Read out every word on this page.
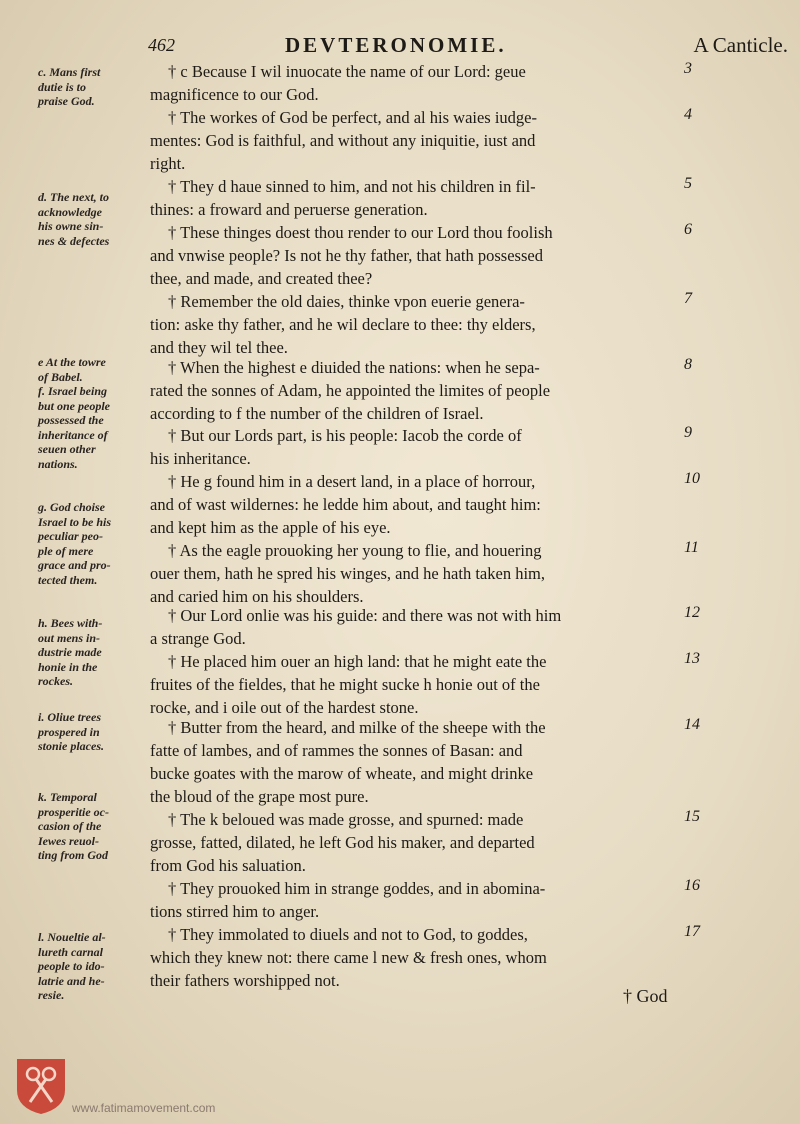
462	DEVTERONOMIE.	A Canticle.
c. Mans first
dutie is to
praise God.
d. The next, to
acknowledge
his owne sin-
nes & defectes
e At the towre
of Babel.
f. Israel being
but one people
possessed the
inheritance of
seuen other
nations.
g. God choise
Israel to be his
peculiar peo-
ple of mere
grace and pro-
tected them.
h. Bees with-
out mens in-
dustrie made
honie in the
rockes.
i. Oliue trees
prospered in
stonie places.
k. Temporal
prosperitie oc-
casion of the
Iewes reuol-
ting from God
l. Noueltie al-
lureth carnal
people to ido-
latrie and he-
resie.
† c Because I wil inuocate the name of our Lord: geue
magnificence to our God.
† The workes of God be perfect, and al his waies iudge-
mentes: God is faithful, and without any iniquitie, iust and
right.
† They d haue sinned to him, and not his children in fil-
thines: a froward and peruerse generation.
† These thinges doest thou render to our Lord thou foolish
and vnwise people? Is not he thy father, that hath possessed
thee, and made, and created thee?
† Remember the old daies, thinke vpon euerie genera-
tion: aske thy father, and he wil declare to thee: thy elders,
and they wil tel thee.
† When the highest e diuided the nations: when he sepa-
rated the sonnes of Adam, he appointed the limites of people
according to f the number of the children of Israel.
† But our Lords part, is his people: Iacob the corde of
his inheritance.
† He g found him in a desert land, in a place of horrour,
and of wast wildernes: he ledde him about, and taught him:
and kept him as the apple of his eye.
† As the eagle prouoking her young to flie, and houering
ouer them, hath he spred his winges, and he hath taken him,
and caried him on his shoulders.
† Our Lord onlie was his guide: and there was not with him
a strange God.
† He placed him ouer an high land: that he might eate the
fruites of the fieldes, that he might sucke h honie out of the
rocke, and i oile out of the hardest stone.
† Butter from the heard, and milke of the sheepe with the
fatte of lambes, and of rammes the sonnes of Basan: and
bucke goates with the marow of wheate, and might drinke
the bloud of the grape most pure.
† The k beloued was made grosse, and spurned: made
grosse, fatted, dilated, he left God his maker, and departed
from God his saluation.
† They prouoked him in strange goddes, and in abomina-
tions stirred him to anger.
† They immolated to diuels and not to God, to goddes,
which they knew not: there came l new & fresh ones, whom
their fathers worshipped not.
3
4
5
6
7
8
9
10
11
12
13
14
15
16
17
† God
www.fatimamovement.com
